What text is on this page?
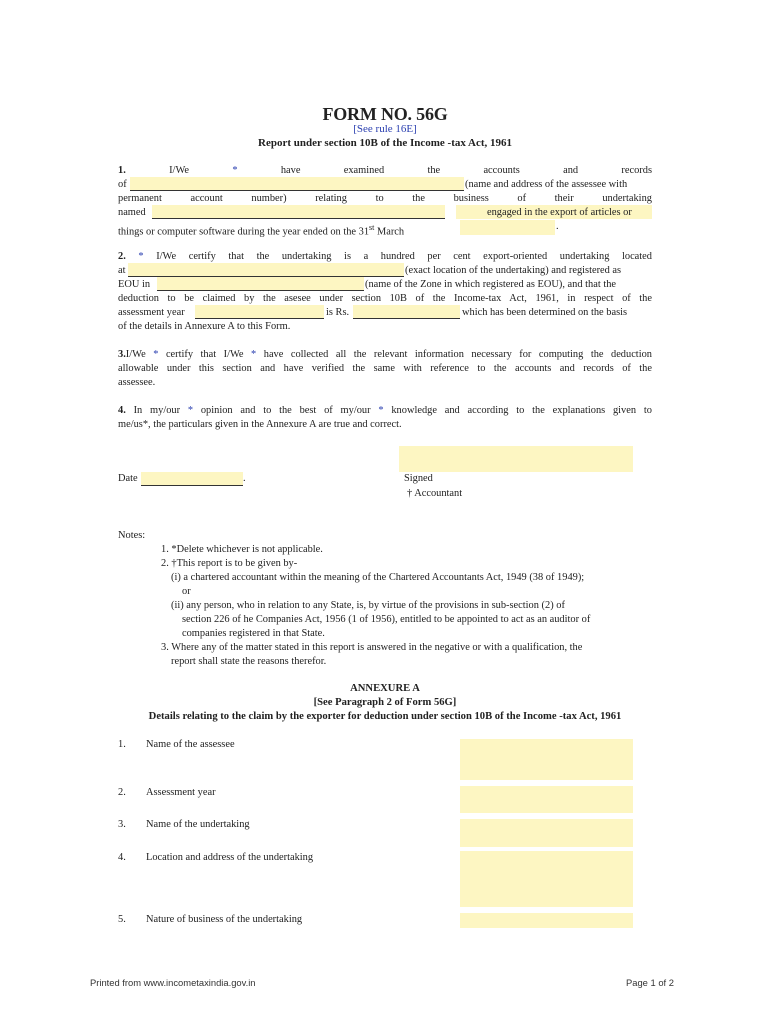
FORM NO. 56G
[See rule 16E]
Report under section 10B of the Income -tax Act, 1961
1.	I/We	*	have	examined	the	accounts	and	records
of	(name and address of the assessee with
permanent	account	number)	relating	to	the	business	of	their	undertaking
named	engaged in the export of articles or
things or computer software during the year ended on the 31st March	.
2. * I/We certify that the undertaking is a hundred per cent export-oriented undertaking located
at	(exact location of the undertaking) and registered as
EOU in	(name of the Zone in which registered as EOU), and that the
deduction to be claimed by the asesee under section 10B of the Income-tax Act, 1961, in respect of the
assessment year	is Rs.	which has been determined on the basis
of the details in Annexure A to this Form.
3.I/We * certify that I/We * have collected all the relevant information necessary for computing the deduction
allowable under this section and have verified the same with reference to the accounts and records of the
assessee.
4. In my/our * opinion and to the best of my/our * knowledge and according to the explanations given to
me/us*, the particulars given in the Annexure A are true and correct.
Date	.	Signed
† Accountant
Notes:
1. *Delete whichever is not applicable.
2. †This report is to be given by-
(i) a chartered accountant within the meaning of the Chartered Accountants Act, 1949 (38 of 1949);
or
(ii) any person, who in relation to any State, is, by virtue of the provisions in sub-section (2) of
section 226 of he Companies Act, 1956 (1 of 1956), entitled to be appointed to act as an auditor of
companies registered in that State.
3. Where any of the matter stated in this report is answered in the negative or with a qualification, the
report shall state the reasons therefor.
ANNEXURE A
[See Paragraph 2 of Form 56G]
Details relating to the claim by the exporter for deduction under section 10B of the Income -tax Act, 1961
1. Name of the assessee
2. Assessment year
3. Name of the undertaking
4. Location and address of the undertaking
5. Nature of business of the undertaking
Printed from www.incometaxindia.gov.in	Page 1 of 2
